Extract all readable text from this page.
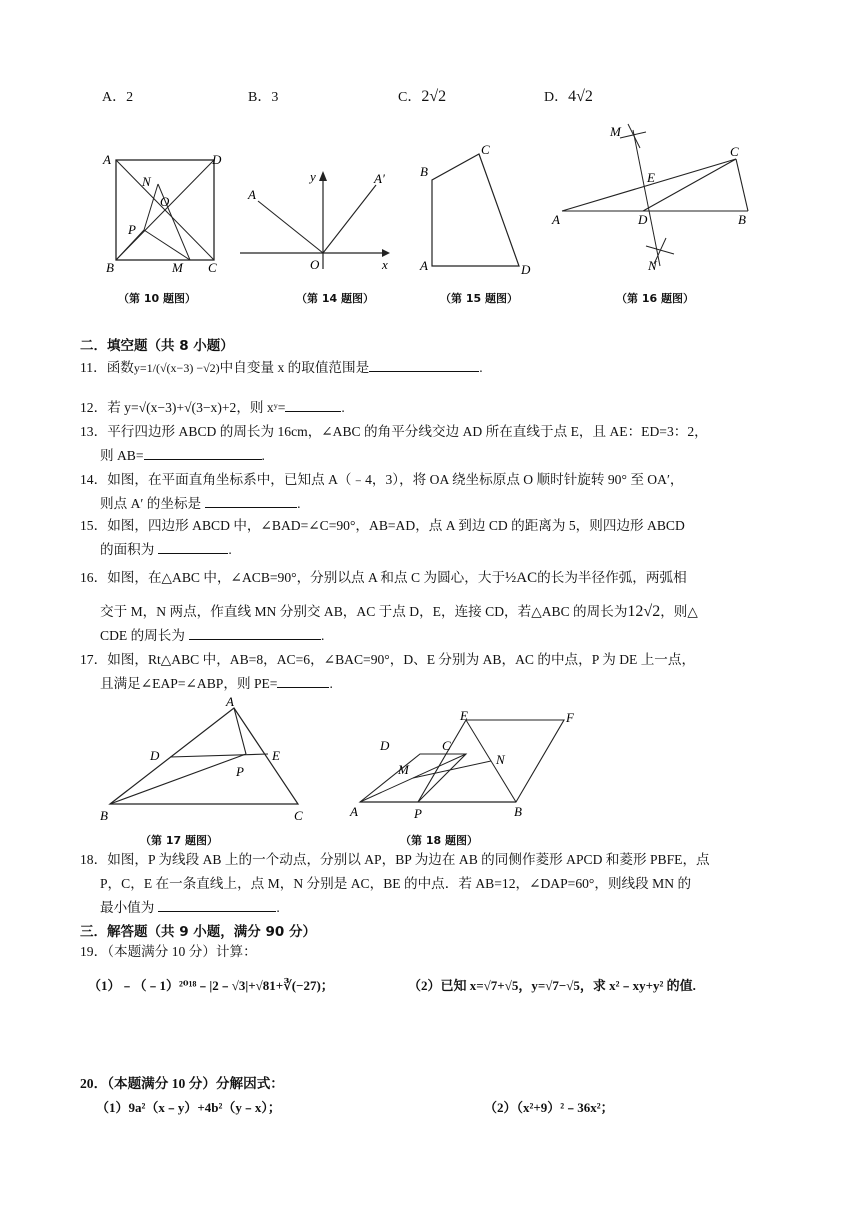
A．2	B．3	C．2√2	D．4√2
A	D
N
O
P
B	M C
（第 10 题图）
y
A
A′
O	x
（第 14 题图）
C
B
A	D
（第 15 题图）
M
C
E
A	D	B
N
（第 16 题图）
二．填空题（共 8 小题）
11．函数y=1/(√(x−3) −√2)中自变量 x 的取值范围是	.
12．若 y=√(x−3)+√(3−x)+2，则 xʸ=	.
13．平行四边形 ABCD 的周长为 16cm，∠ABC 的角平分线交边 AD 所在直线于点 E，且 AE：ED=3：2，
则 AB=	.
14．如图，在平面直角坐标系中，已知点 A（﹣4，3），将 OA 绕坐标原点 O 顺时针旋转 90° 至 OA′，
则点 A′ 的坐标是	.
15．如图，四边形 ABCD 中，∠BAD=∠C=90°，AB=AD，点 A 到边 CD 的距离为 5，则四边形 ABCD
的面积为	.
16．如图，在△ABC 中，∠ACB=90°，分别以点 A 和点 C 为圆心，大于½AC的长为半径作弧，两弧相
交于 M，N 两点，作直线 MN 分别交 AB，AC 于点 D，E，连接 CD，若△ABC 的周长为12√2，则△
CDE 的周长为	.
17．如图，Rt△ABC 中，AB=8，AC=6，∠BAC=90°，D、E 分别为 AB，AC 的中点，P 为 DE 上一点，
且满足∠EAP=∠ABP，则 PE=	.
A
D	E
P
B	C
（第 17 题图）
E	F
D	C
M
N
A	P	B
（第 18 题图）
18．如图，P 为线段 AB 上的一个动点，分别以 AP，BP 为边在 AB 的同侧作菱形 APCD 和菱形 PBFE，点
P，C，E 在一条直线上，点 M，N 分别是 AC，BE 的中点．若 AB=12，∠DAP=60°，则线段 MN 的
最小值为	.
三．解答题（共 9 小题，满分 90 分）
19．（本题满分 10 分）计算：
（1）﹣（﹣1）²⁰¹⁸﹣|2﹣√3|+√81+∛(−27)；	（2）已知 x=√7+√5，y=√7−√5，求 x²﹣xy+y² 的值.
20．（本题满分 10 分）分解因式：
（1）9a²（x﹣y）+4b²（y﹣x）；	（2）（x²+9）²﹣36x²；
